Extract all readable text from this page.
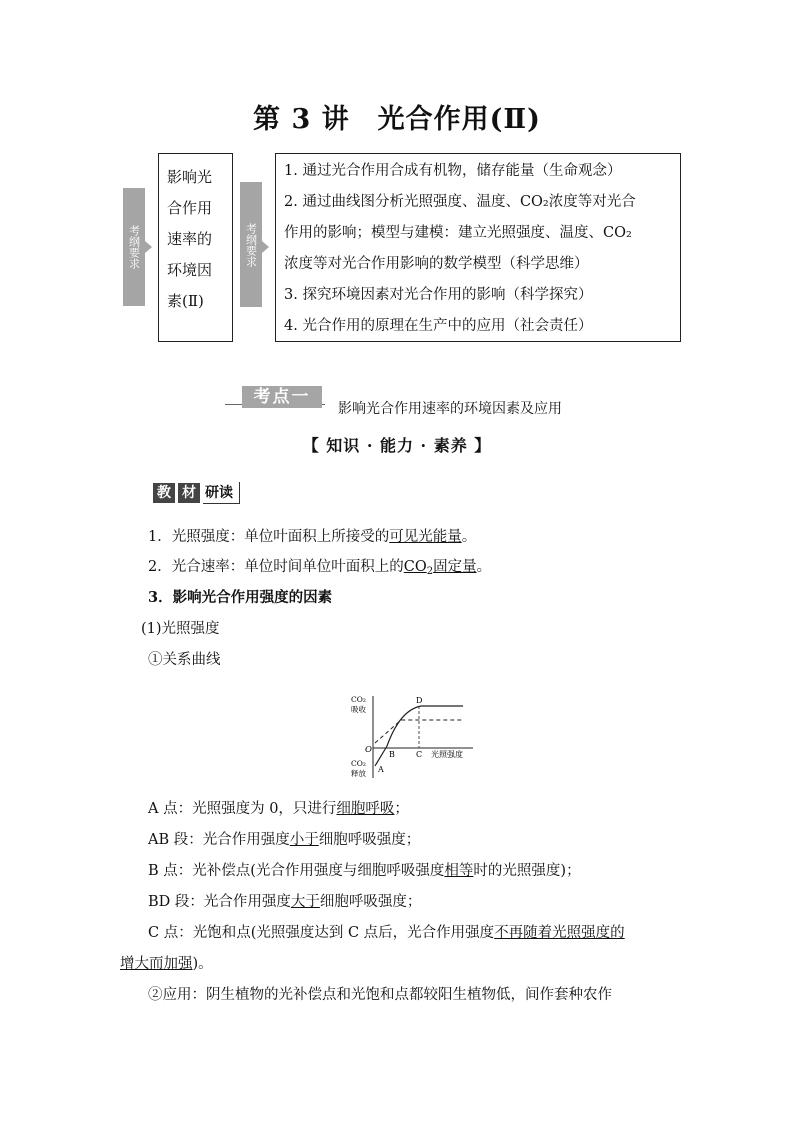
第 3 讲　光合作用(Ⅱ)
考纲要求
影响光
合作用
速率的
环境因
素(Ⅱ)
考纲要求
1. 通过光合作用合成有机物，储存能量（生命观念）
2. 通过曲线图分析光照强度、温度、CO₂浓度等对光合
作用的影响；模型与建模：建立光照强度、温度、CO₂
浓度等对光合作用影响的数学模型（科学思维）
3. 探究环境因素对光合作用的影响（科学探究）
4. 光合作用的原理在生产中的应用（社会责任）
考点一
影响光合作用速率的环境因素及应用
【 知识 · 能力 · 素养 】
教 材 研读
1．光照强度：单位叶面积上所接受的可见光能量。
2．光合速率：单位时间单位叶面积上的$CO_2$固定量。
3．影响光合作用强度的因素
(1)光照强度
①关系曲线
CO₂
吸收
CO₂
释放
O
A
B	C
D
光照强度
A 点：光照强度为 0，只进行细胞呼吸；
AB 段：光合作用强度小于细胞呼吸强度；
B 点：光补偿点(光合作用强度与细胞呼吸强度相等时的光照强度)；
BD 段：光合作用强度大于细胞呼吸强度；
C 点：光饱和点(光照强度达到 C 点后，光合作用强度不再随着光照强度的
增大而加强)。
②应用：阴生植物的光补偿点和光饱和点都较阳生植物低，间作套种农作
